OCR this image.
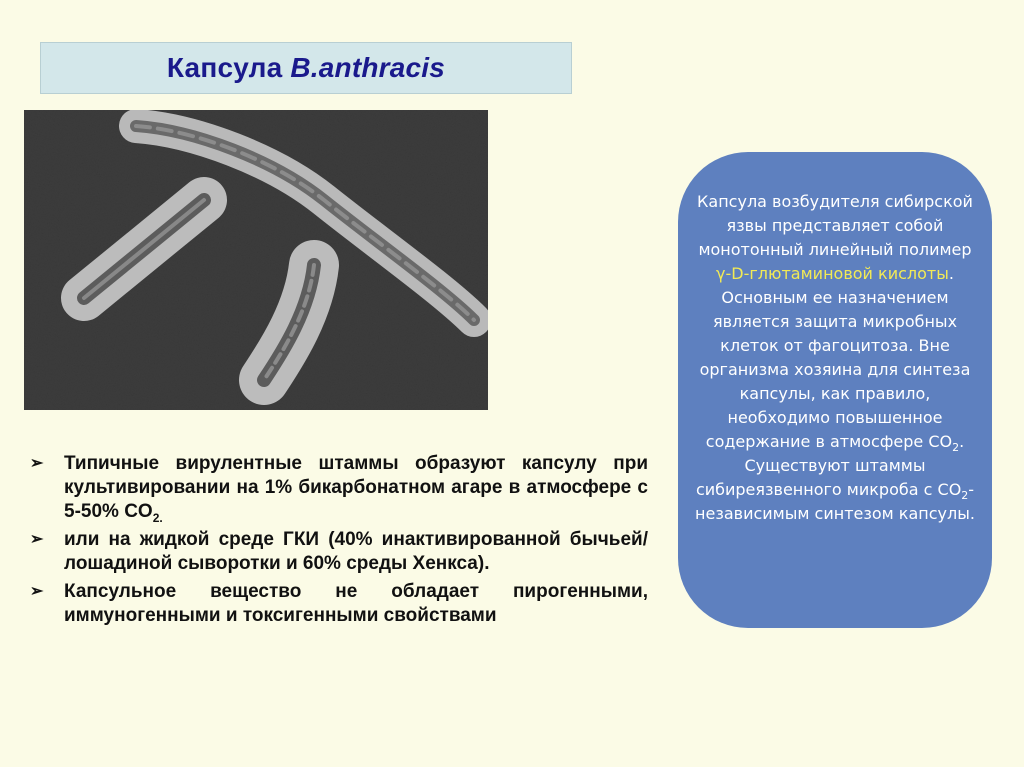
Капсула B.anthracis
➢ Типичные вирулентные штаммы образуют капсулу при культивировании на 1% бикарбонатном агаре в атмосфере с 5-50% $CO_{2.}$
➢ или на жидкой среде ГКИ (40% инактивированной бычьей/лошадиной сыворотки и 60% среды Хенкса).
➢ Капсульное вещество не обладает пирогенными, иммуногенными и токсигенными свойствами

Капсула возбудителя сибирской язвы представляет собой монотонный линейный полимер γ-D-глютаминовой кислоты. Основным ее назначением является защита микробных клеток от фагоцитоза. Вне организма хозяина для синтеза капсулы, как правило, необходимо повышенное содержание в атмосфере $CO_2$. Существуют штаммы сибиреязвенного микроба с $CO_2$-независимым синтезом капсулы.
